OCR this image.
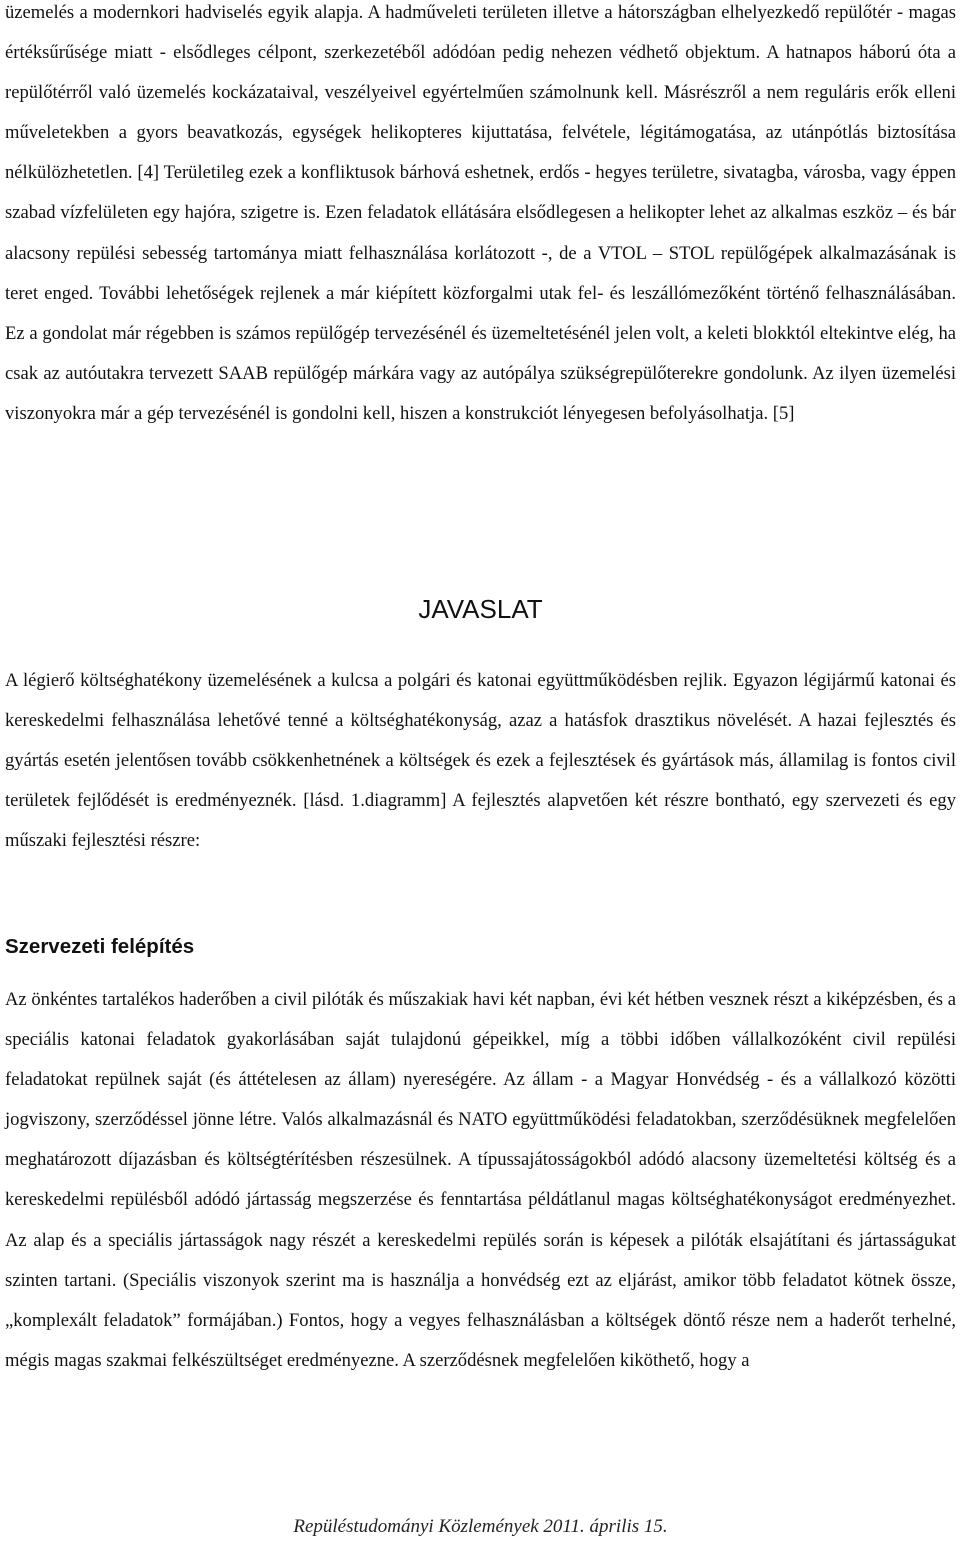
üzemelés a modernkori hadviselés egyik alapja. A hadműveleti területen illetve a hátországban elhelyezkedő repülőtér - magas értéksűrűsége miatt - elsődleges célpont, szerkezetéből adódóan pedig nehezen védhető objektum. A hatnapos háború óta a repülőtérről való üzemelés kockázataival, veszélyeivel egyértelműen számolnunk kell. Másrészről a nem reguláris erők elleni műveletekben a gyors beavatkozás, egységek helikopteres kijuttatása, felvétele, légitámogatása, az utánpótlás biztosítása nélkülözhetetlen. [4] Területileg ezek a konfliktusok bárhová eshetnek, erdős - hegyes területre, sivatagba, városba, vagy éppen szabad vízfelületen egy hajóra, szigetre is. Ezen feladatok ellátására elsődlegesen a helikopter lehet az alkalmas eszköz – és bár alacsony repülési sebesség tartománya miatt felhasználása korlátozott -, de a VTOL – STOL repülőgépek alkalmazásának is teret enged. További lehetőségek rejlenek a már kiépített közforgalmi utak fel- és leszállómezőként történő felhasználásában. Ez a gondolat már régebben is számos repülőgép tervezésénél és üzemeltetésénél jelen volt, a keleti blokktól eltekintve elég, ha csak az autóutakra tervezett SAAB repülőgép márkára vagy az autópálya szükségrepülőterekre gondolunk. Az ilyen üzemelési viszonyokra már a gép tervezésénél is gondolni kell, hiszen a konstrukciót lényegesen befolyásolhatja. [5]

JAVASLAT

A légierő költséghatékony üzemelésének a kulcsa a polgári és katonai együttműködésben rejlik. Egyazon légijármű katonai és kereskedelmi felhasználása lehetővé tenné a költséghatékonyság, azaz a hatásfok drasztikus növelését. A hazai fejlesztés és gyártás esetén jelentősen tovább csökkenhetnének a költségek és ezek a fejlesztések és gyártások más, államilag is fontos civil területek fejlődését is eredményeznék. [lásd. 1.diagramm] A fejlesztés alapvetően két részre bontható, egy szervezeti és egy műszaki fejlesztési részre:

Szervezeti felépítés

Az önkéntes tartalékos haderőben a civil pilóták és műszakiak havi két napban, évi két hétben vesznek részt a kiképzésben, és a speciális katonai feladatok gyakorlásában saját tulajdonú gépeikkel, míg a többi időben vállalkozóként civil repülési feladatokat repülnek saját (és áttételesen az állam) nyereségére. Az állam - a Magyar Honvédség - és a vállalkozó közötti jogviszony, szerződéssel jönne létre. Valós alkalmazásnál és NATO együttműködési feladatokban, szerződésüknek megfelelően meghatározott díjazásban és költségtérítésben részesülnek. A típussajátosságokból adódó alacsony üzemeltetési költség és a kereskedelmi repülésből adódó jártasság megszerzése és fenntartása példátlanul magas költséghatékonyságot eredményezhet. Az alap és a speciális jártasságok nagy részét a kereskedelmi repülés során is képesek a pilóták elsajátítani és jártasságukat szinten tartani. (Speciális viszonyok szerint ma is használja a honvédség ezt az eljárást, amikor több feladatot kötnek össze, „komplexált feladatok” formájában.) Fontos, hogy a vegyes felhasználásban a költségek döntő része nem a haderőt terhelné, mégis magas szakmai felkészültséget eredményezne. A szerződésnek megfelelően kiköthető, hogy a

Repüléstudományi Közlemények 2011. április 15.
